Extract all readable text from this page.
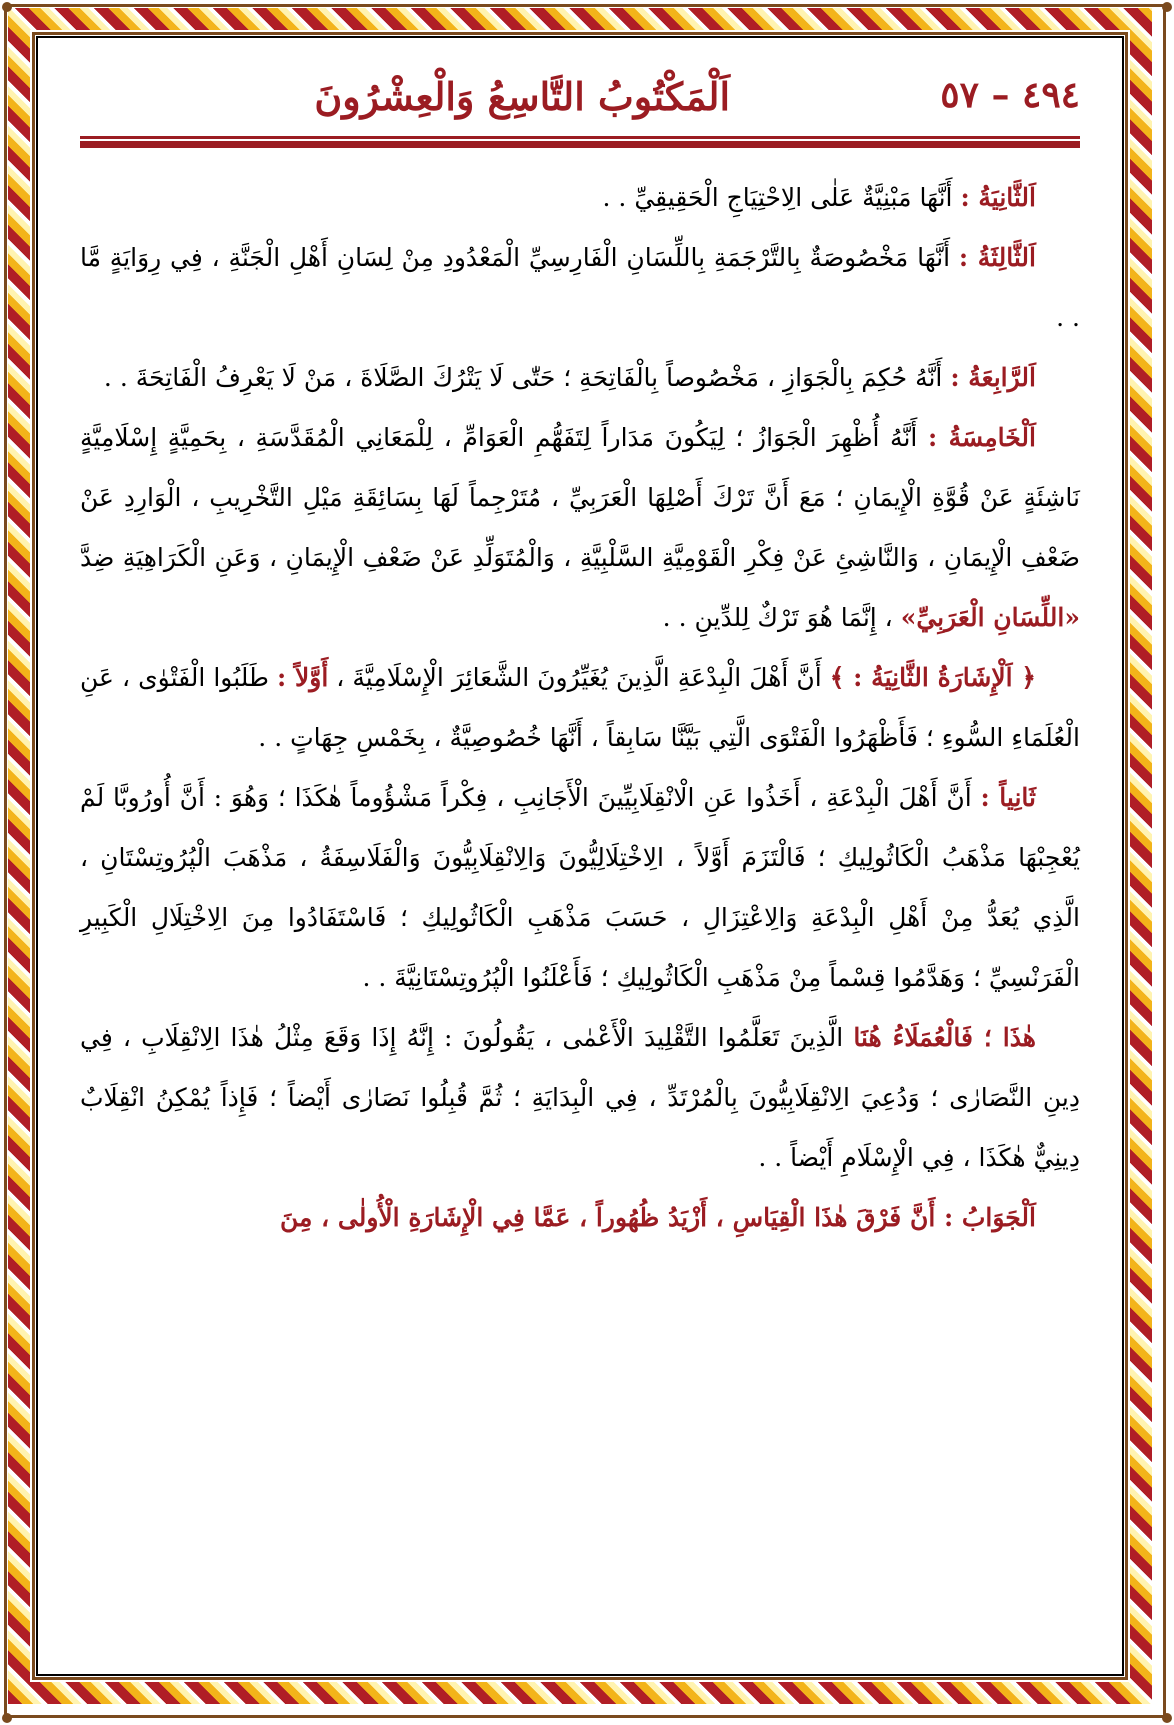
٤٩٤ – ٥٧
اَلْمَكْتُوبُ التَّاسِعُ وَالْعِشْرُونَ

اَلثَّانِيَةُ : أَنَّهَا مَبْنِيَّةٌ عَلٰى الِاحْتِيَاجِ الْحَقِيقِيِّ . .

اَلثَّالِثَةُ : أَنَّهَا مَخْصُوصَةٌ بِالتَّرْجَمَةِ بِاللِّسَانِ الْفَارِسِيِّ الْمَعْدُودِ مِنْ لِسَانِ أَهْلِ الْجَنَّةِ ، فِي رِوَايَةٍ مَّا . .

اَلرَّابِعَةُ : أَنَّهُ حُكِمَ بِالْجَوَازِ ، مَخْصُوصاً بِالْفَاتِحَةِ ؛ حَتّٰى لَا يَتْرُكَ الصَّلَاةَ ، مَنْ لَا يَعْرِفُ الْفَاتِحَةَ . .

اَلْخَامِسَةُ : أَنَّهُ أُظْهِرَ الْجَوَازُ ؛ لِيَكُونَ مَدَاراً لِتَفَهُّمِ الْعَوَامِّ ، لِلْمَعَانِي الْمُقَدَّسَةِ ، بِحَمِيَّةٍ إِسْلَامِيَّةٍ نَاشِئَةٍ عَنْ قُوَّةِ الْإِيمَانِ ؛ مَعَ أَنَّ تَرْكَ أَصْلِهَا الْعَرَبِيِّ ، مُتَرْجِماً لَهَا بِسَائِقَةِ مَيْلِ التَّخْرِيبِ ، الْوَارِدِ عَنْ ضَعْفِ الْإِيمَانِ ، وَالنَّاشِئِ عَنْ فِكْرِ الْقَوْمِيَّةِ السَّلْبِيَّةِ ، وَالْمُتَوَلِّدِ عَنْ ضَعْفِ الْإِيمَانِ ، وَعَنِ الْكَرَاهِيَةِ ضِدَّ «اللِّسَانِ الْعَرَبِيِّ» ، إِنَّمَا هُوَ تَرْكٌ لِلدِّينِ . .

﴿ اَلْإِشَارَةُ الثَّانِيَةُ : ﴾ أَنَّ أَهْلَ الْبِدْعَةِ الَّذِينَ يُغَيِّرُونَ الشَّعَائِرَ الْإِسْلَامِيَّةَ ، أَوَّلاً : طَلَبُوا الْفَتْوٰى ، عَنِ الْعُلَمَاءِ السُّوءِ ؛ فَأَظْهَرُوا الْفَتْوَى الَّتِي بَيَّنَّا سَابِقاً ، أَنَّهَا خُصُوصِيَّةٌ ، بِخَمْسِ جِهَاتٍ . .

ثَانِياً : أَنَّ أَهْلَ الْبِدْعَةِ ، أَخَذُوا عَنِ الْانْقِلَابِيِّينَ الْأَجَانِبِ ، فِكْراً مَشْؤُوماً هٰكَذَا ؛ وَهُوَ : أَنَّ أُورُوبَّا لَمْ يُعْجِبْهَا مَذْهَبُ الْكَاثُولِيكِ ؛ فَالْتَزَمَ أَوَّلاً ، الِاخْتِلَالِيُّونَ وَالِانْقِلَابِيُّونَ وَالْفَلَاسِفَةُ ، مَذْهَبَ الْپُرُوتِسْتَانِ ، الَّذِي يُعَدُّ مِنْ أَهْلِ الْبِدْعَةِ وَالِاعْتِزَالِ ، حَسَبَ مَذْهَبِ الْكَاثُولِيكِ ؛ فَاسْتَفَادُوا مِنَ الِاخْتِلَالِ الْكَبِيرِ الْفَرَنْسِيِّ ؛ وَهَدَّمُوا قِسْماً مِنْ مَذْهَبِ الْكَاثُولِيكِ ؛ فَأَعْلَنُوا الْپُرُوتِسْتَانِيَّةَ . .

هٰذَا ؛ فَالْعُمَلَاءُ هُنَا الَّذِينَ تَعَلَّمُوا التَّقْلِيدَ الْأَعْمٰى ، يَقُولُونَ : إِنَّهُ إِذَا وَقَعَ مِثْلُ هٰذَا الِانْقِلَابِ ، فِي دِينِ النَّصَارٰى ؛ وَدُعِيَ الِانْقِلَابِيُّونَ بِالْمُرْتَدِّ ، فِي الْبِدَايَةِ ؛ ثُمَّ قُبِلُوا نَصَارٰى أَيْضاً ؛ فَإِذاً يُمْكِنُ انْقِلَابٌ دِينِيٌّ هٰكَذَا ، فِي الْإِسْلَامِ أَيْضاً . .

اَلْجَوَابُ : أَنَّ فَرْقَ هٰذَا الْقِيَاسِ ، أَزْيَدُ ظُهُوراً ، عَمَّا فِي الْإِشَارَةِ الْأُولٰى ، مِنَ
